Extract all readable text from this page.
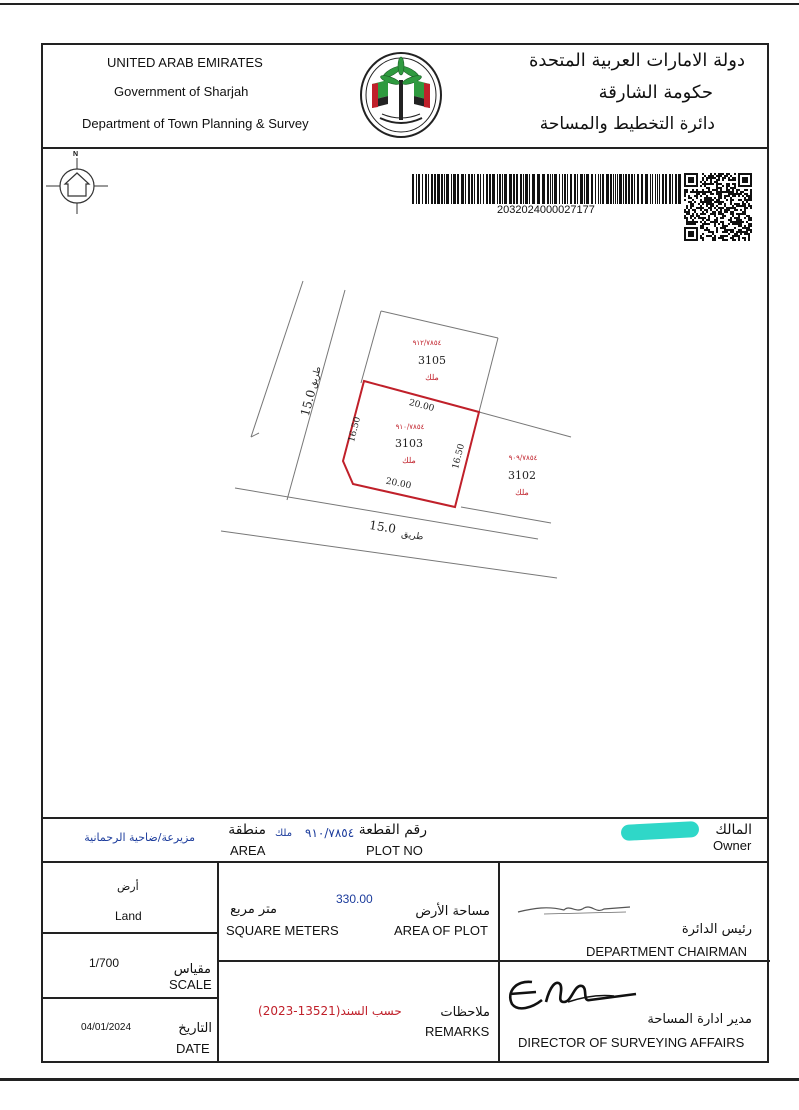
UNITED ARAB EMIRATES
Government of Sharjah
Department of Town Planning & Survey
دولة الامارات العربية المتحدة
حكومة الشارقة
دائرة التخطيط والمساحة
N
2032024000027177
٩١٢/٧٨٥٤
3105
ملك
٩١٠/٧٨٥٤
3103
ملك	٩٠٩/٧٨٥٤
3102
ملك
20.00
20.00
16.50
16.50
15.0
طريق
15.0 طريق
مزيرعة/ضاحية الرحمانية منطقة
AREA
٩١٠/٧٨٥٤
ملك	رقم القطعة
PLOT NO
المالك
Owner
أرض
Land
1/700	مقياس
SCALE
04/01/2024	التاريخ
DATE
330.00
متر مربع
SQUARE METERS
مساحة الأرض
AREA OF PLOT
حسب السند(13521-2023)	ملاحظات
REMARKS
رئيس الدائرة
DEPARTMENT CHAIRMAN
مدير ادارة المساحة
DIRECTOR OF SURVEYING AFFAIRS
